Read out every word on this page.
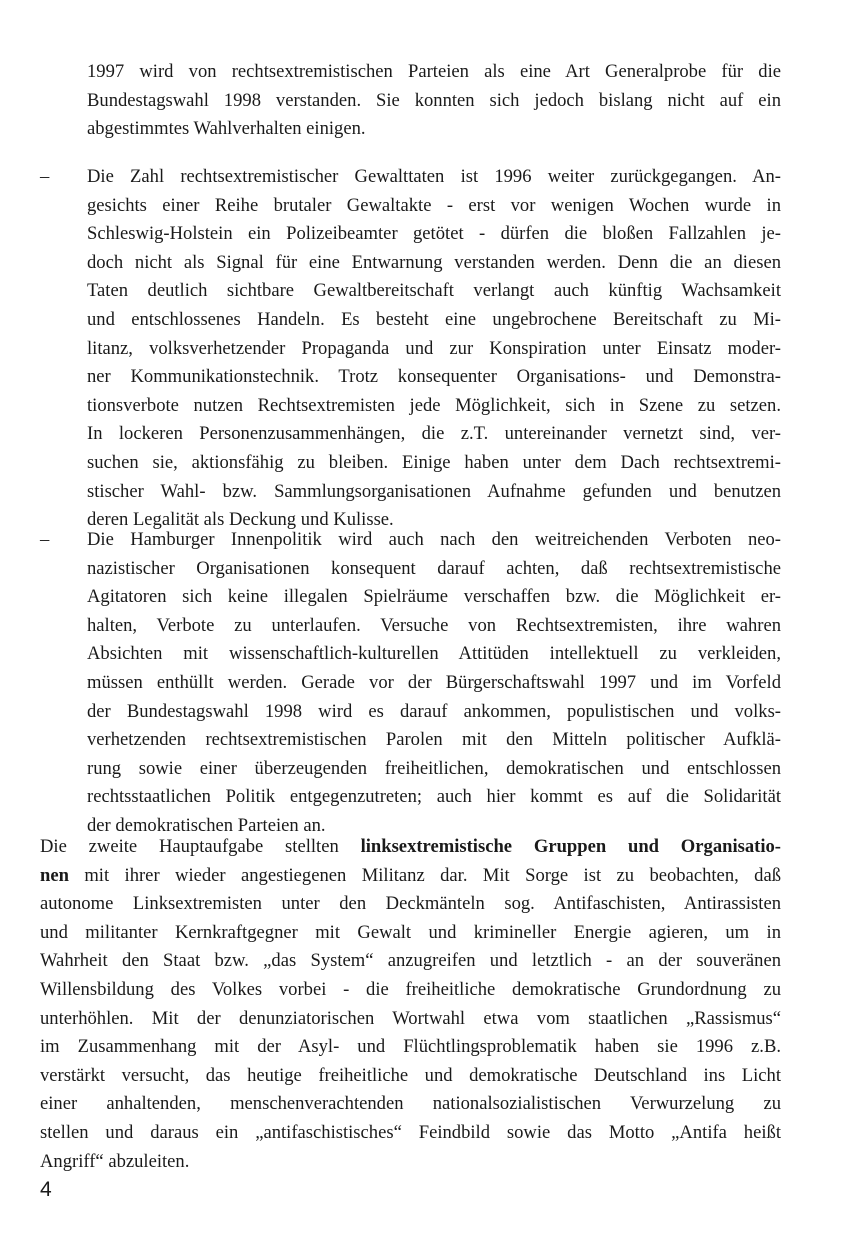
1997 wird von rechtsextremistischen Parteien als eine Art Generalprobe für die
Bundestagswahl 1998 verstanden. Sie konnten sich jedoch bislang nicht auf ein
abgestimmtes Wahlverhalten einigen.
– Die Zahl rechtsextremistischer Gewalttaten ist 1996 weiter zurückgegangen. An-
gesichts einer Reihe brutaler Gewaltakte - erst vor wenigen Wochen wurde in
Schleswig-Holstein ein Polizeibeamter getötet - dürfen die bloßen Fallzahlen je-
doch nicht als Signal für eine Entwarnung verstanden werden. Denn die an diesen
Taten deutlich sichtbare Gewaltbereitschaft verlangt auch künftig Wachsamkeit
und entschlossenes Handeln. Es besteht eine ungebrochene Bereitschaft zu Mi-
litanz, volksverhetzender Propaganda und zur Konspiration unter Einsatz moder-
ner Kommunikationstechnik. Trotz konsequenter Organisations- und Demonstra-
tionsverbote nutzen Rechtsextremisten jede Möglichkeit, sich in Szene zu setzen.
In lockeren Personenzusammenhängen, die z.T. untereinander vernetzt sind, ver-
suchen sie, aktionsfähig zu bleiben. Einige haben unter dem Dach rechtsextremi-
stischer Wahl- bzw. Sammlungsorganisationen Aufnahme gefunden und benutzen
deren Legalität als Deckung und Kulisse.
– Die Hamburger Innenpolitik wird auch nach den weitreichenden Verboten neo-
nazistischer Organisationen konsequent darauf achten, daß rechtsextremistische
Agitatoren sich keine illegalen Spielräume verschaffen bzw. die Möglichkeit er-
halten, Verbote zu unterlaufen. Versuche von Rechtsextremisten, ihre wahren
Absichten mit wissenschaftlich-kulturellen Attitüden intellektuell zu verkleiden,
müssen enthüllt werden. Gerade vor der Bürgerschaftswahl 1997 und im Vorfeld
der Bundestagswahl 1998 wird es darauf ankommen, populistischen und volks-
verhetzenden rechtsextremistischen Parolen mit den Mitteln politischer Aufklä-
rung sowie einer überzeugenden freiheitlichen, demokratischen und entschlossen
rechtsstaatlichen Politik entgegenzutreten; auch hier kommt es auf die Solidarität
der demokratischen Parteien an.
Die zweite Hauptaufgabe stellten linksextremistische Gruppen und Organisatio-
nen mit ihrer wieder angestiegenen Militanz dar. Mit Sorge ist zu beobachten, daß
autonome Linksextremisten unter den Deckmänteln sog. Antifaschisten, Antirassisten
und militanter Kernkraftgegner mit Gewalt und krimineller Energie agieren, um in
Wahrheit den Staat bzw. „das System“ anzugreifen und letztlich - an der souveränen
Willensbildung des Volkes vorbei - die freiheitliche demokratische Grundordnung zu
unterhöhlen. Mit der denunziatorischen Wortwahl etwa vom staatlichen „Rassismus“
im Zusammenhang mit der Asyl- und Flüchtlingsproblematik haben sie 1996 z.B.
verstärkt versucht, das heutige freiheitliche und demokratische Deutschland ins Licht
einer anhaltenden, menschenverachtenden nationalsozialistischen Verwurzelung zu
stellen und daraus ein „antifaschistisches“ Feindbild sowie das Motto „Antifa heißt
Angriff“ abzuleiten.
4
